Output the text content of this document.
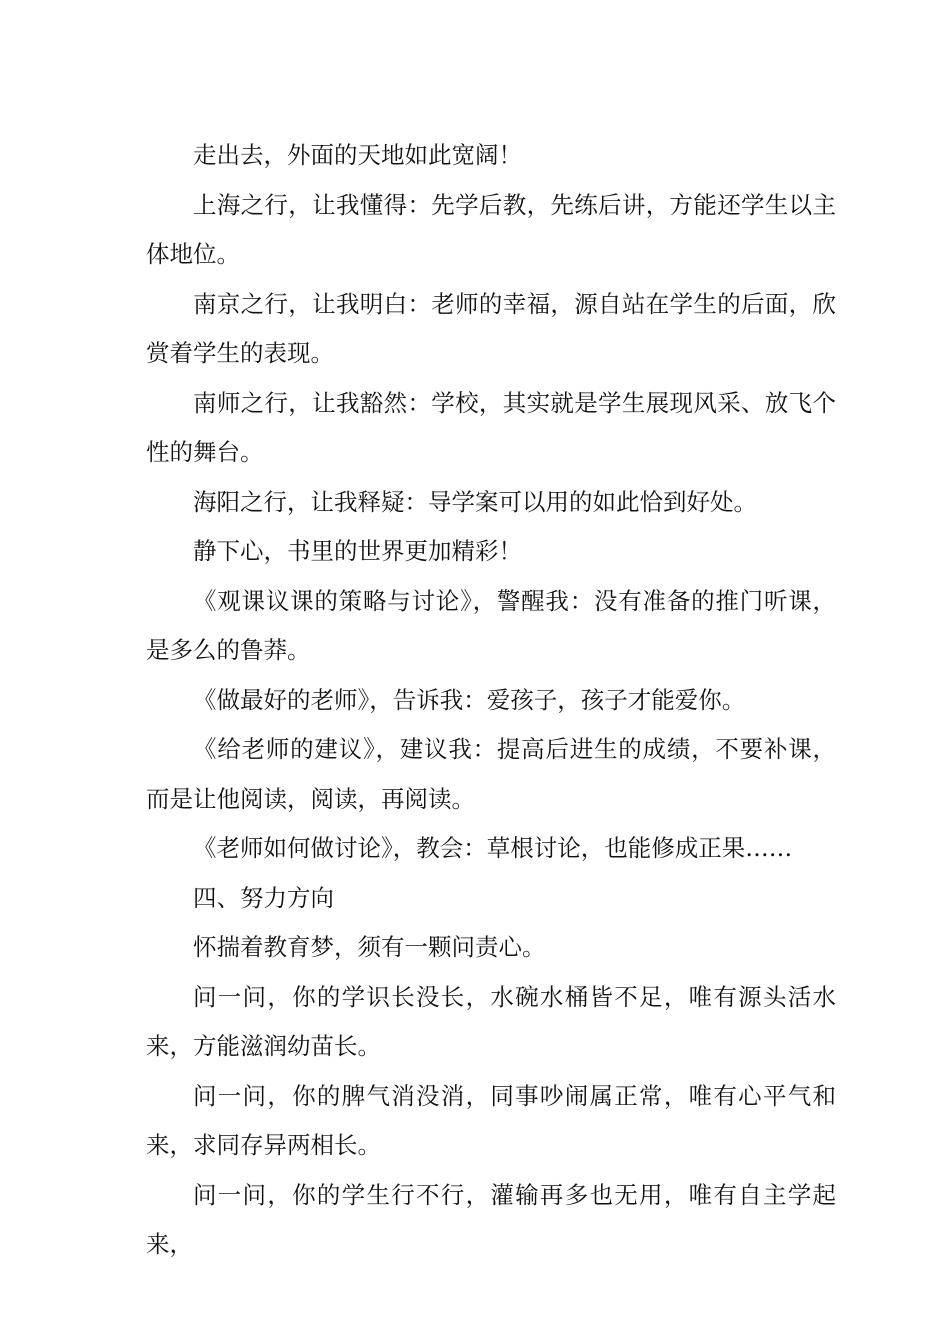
走出去，外面的天地如此宽阔！

上海之行，让我懂得：先学后教，先练后讲，方能还学生以主体地位。

南京之行，让我明白：老师的幸福，源自站在学生的后面，欣赏着学生的表现。

南师之行，让我豁然：学校，其实就是学生展现风采、放飞个性的舞台。

海阳之行，让我释疑：导学案可以用的如此恰到好处。

静下心，书里的世界更加精彩！

《观课议课的策略与讨论》，警醒我：没有准备的推门听课，是多么的鲁莽。

《做最好的老师》，告诉我：爱孩子，孩子才能爱你。

《给老师的建议》，建议我：提高后进生的成绩，不要补课，而是让他阅读，阅读，再阅读。

《老师如何做讨论》，教会：草根讨论，也能修成正果……

四、努力方向

怀揣着教育梦，须有一颗问责心。

问一问，你的学识长没长，水碗水桶皆不足，唯有源头活水来，方能滋润幼苗长。

问一问，你的脾气消没消，同事吵闹属正常，唯有心平气和来，求同存异两相长。

问一问，你的学生行不行，灌输再多也无用，唯有自主学起来，
